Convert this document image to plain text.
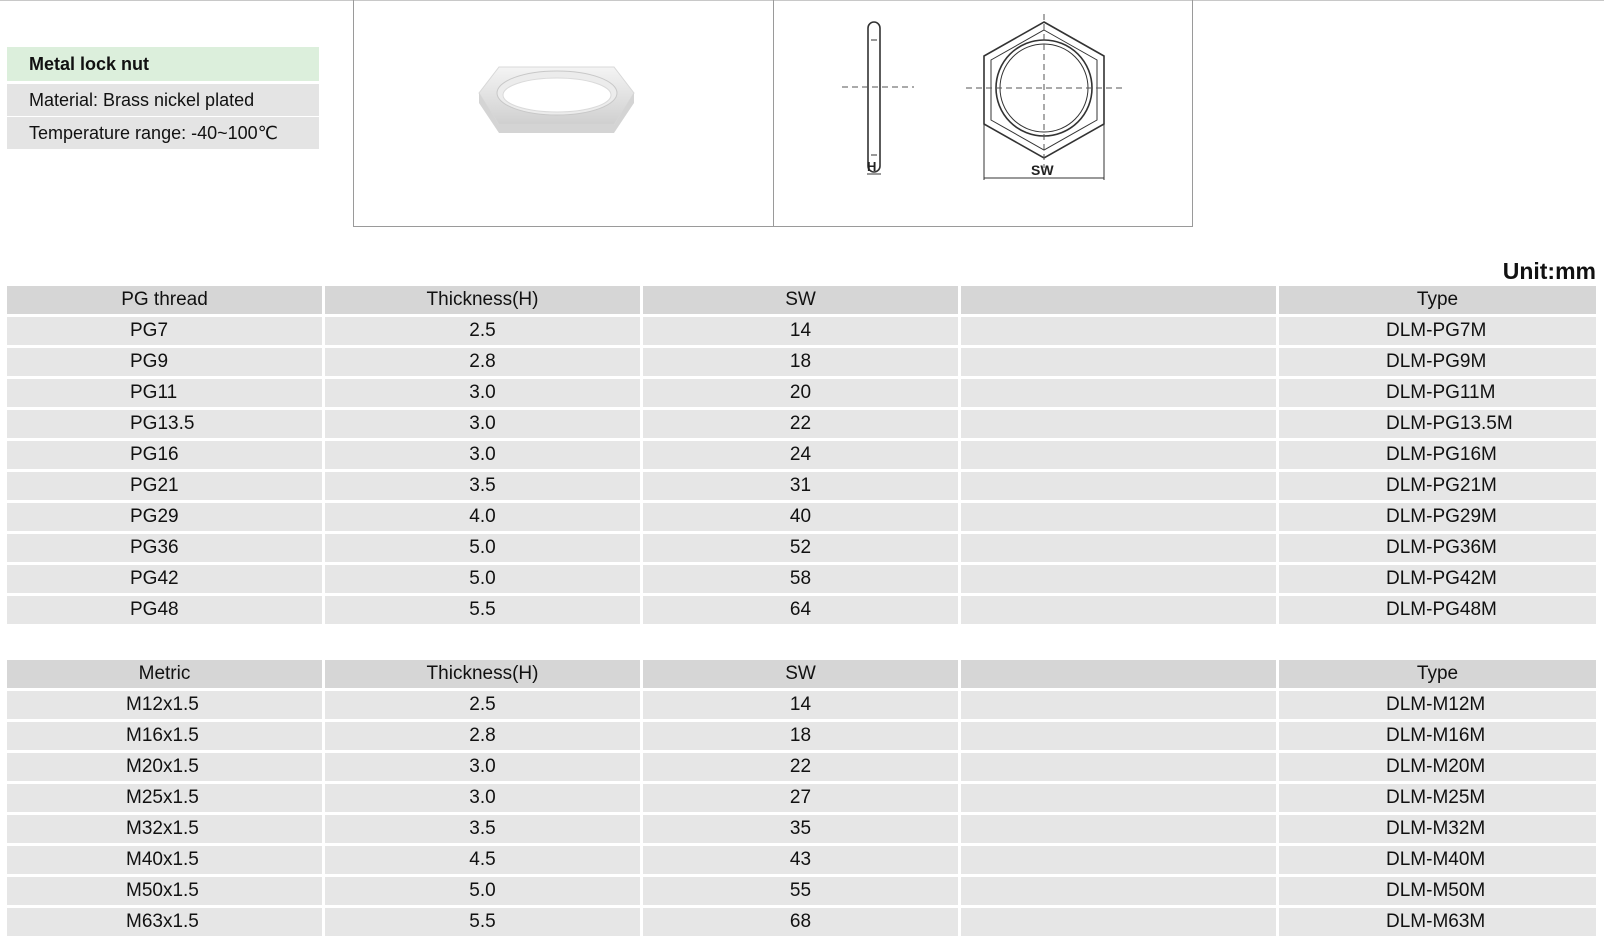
Metal lock nut
Material: Brass nickel plated
Temperature range: -40~100℃
H	SW
Unit:mm
PG thread	Thickness(H)	SW	Type
PG7	2.5	14	DLM-PG7M
PG9	2.8	18	DLM-PG9M
PG11	3.0	20	DLM-PG11M
PG13.5	3.0	22	DLM-PG13.5M
PG16	3.0	24	DLM-PG16M
PG21	3.5	31	DLM-PG21M
PG29	4.0	40	DLM-PG29M
PG36	5.0	52	DLM-PG36M
PG42	5.0	58	DLM-PG42M
PG48	5.5	64	DLM-PG48M
Metric	Thickness(H)	SW	Type
M12x1.5	2.5	14	DLM-M12M
M16x1.5	2.8	18	DLM-M16M
M20x1.5	3.0	22	DLM-M20M
M25x1.5	3.0	27	DLM-M25M
M32x1.5	3.5	35	DLM-M32M
M40x1.5	4.5	43	DLM-M40M
M50x1.5	5.0	55	DLM-M50M
M63x1.5	5.5	68	DLM-M63M
